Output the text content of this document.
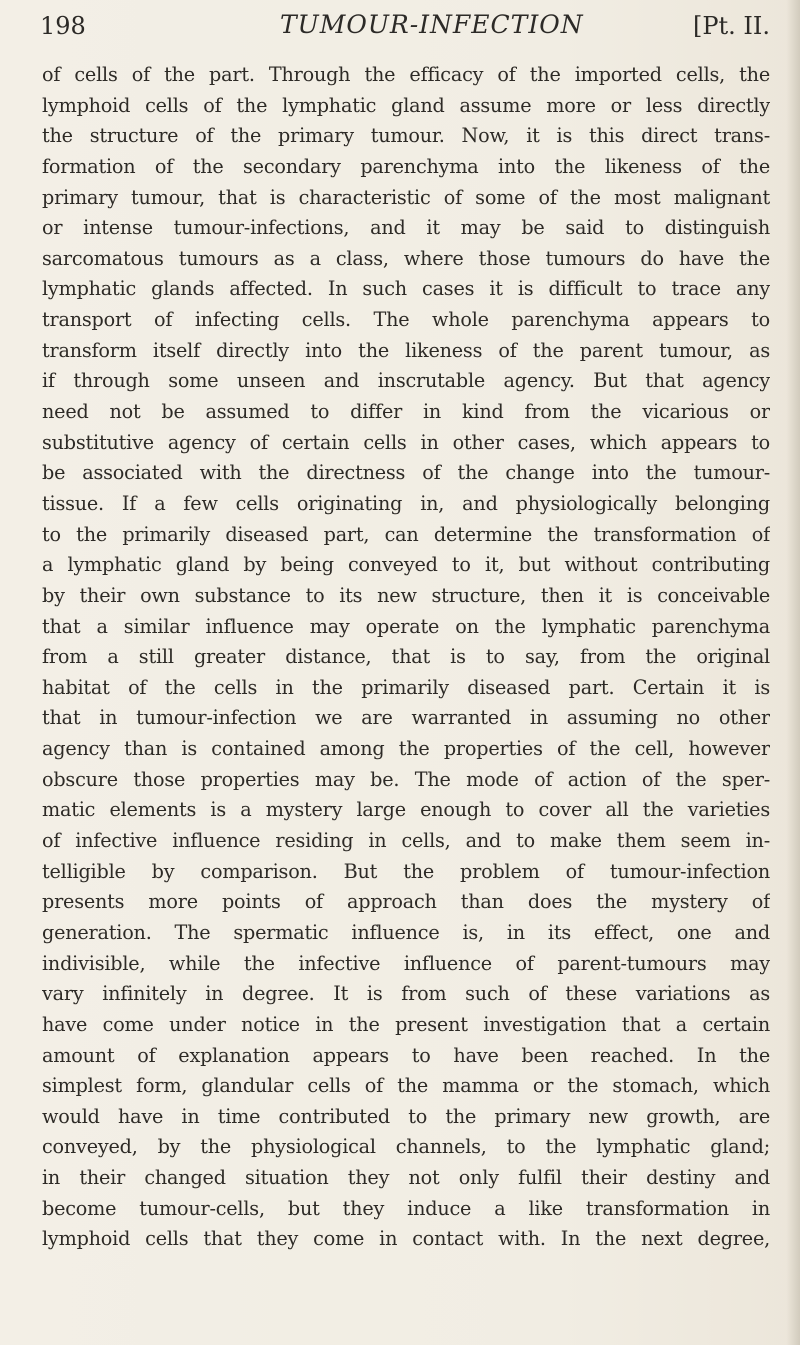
198	TUMOUR-INFECTION	[Pt. II.
of cells of the part. Through the efficacy of the imported cells, the
lymphoid cells of the lymphatic gland assume more or less directly
the structure of the primary tumour. Now, it is this direct trans-
formation of the secondary parenchyma into the likeness of the
primary tumour, that is characteristic of some of the most malignant
or intense tumour-infections, and it may be said to distinguish
sarcomatous tumours as a class, where those tumours do have the
lymphatic glands affected. In such cases it is difficult to trace any
transport of infecting cells. The whole parenchyma appears to
transform itself directly into the likeness of the parent tumour, as
if through some unseen and inscrutable agency. But that agency
need not be assumed to differ in kind from the vicarious or
substitutive agency of certain cells in other cases, which appears to
be associated with the directness of the change into the tumour-
tissue. If a few cells originating in, and physiologically belonging
to the primarily diseased part, can determine the transformation of
a lymphatic gland by being conveyed to it, but without contributing
by their own substance to its new structure, then it is conceivable
that a similar influence may operate on the lymphatic parenchyma
from a still greater distance, that is to say, from the original
habitat of the cells in the primarily diseased part. Certain it is
that in tumour-infection we are warranted in assuming no other
agency than is contained among the properties of the cell, however
obscure those properties may be. The mode of action of the sper-
matic elements is a mystery large enough to cover all the varieties
of infective influence residing in cells, and to make them seem in-
telligible by comparison. But the problem of tumour-infection
presents more points of approach than does the mystery of
generation. The spermatic influence is, in its effect, one and
indivisible, while the infective influence of parent-tumours may
vary infinitely in degree. It is from such of these variations as
have come under notice in the present investigation that a certain
amount of explanation appears to have been reached. In the
simplest form, glandular cells of the mamma or the stomach, which
would have in time contributed to the primary new growth, are
conveyed, by the physiological channels, to the lymphatic gland;
in their changed situation they not only fulfil their destiny and
become tumour-cells, but they induce a like transformation in
lymphoid cells that they come in contact with. In the next degree,
